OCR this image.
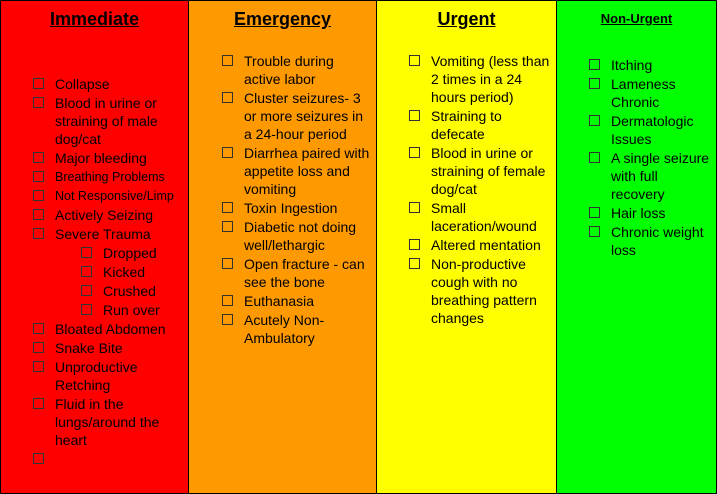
Immediate
Collapse
Blood in urine or straining of male dog/cat
Major bleeding
Breathing Problems
Not Responsive/Limp
Actively Seizing
Severe Trauma
Dropped
Kicked
Crushed
Run over
Bloated Abdomen
Snake Bite
Unproductive Retching
Fluid in the lungs/around the heart

Emergency
Trouble during active labor
Cluster seizures- 3 or more seizures in a 24-hour period
Diarrhea paired with appetite loss and vomiting
Toxin Ingestion
Diabetic not doing well/lethargic
Open fracture - can see the bone
Euthanasia
Acutely Non-Ambulatory
Urgent
Vomiting (less than 2 times in a 24 hours period)
Straining to defecate
Blood in urine or straining of female dog/cat
Small laceration/wound
Altered mentation
Non-productive cough with no breathing pattern changes
Non-Urgent
Itching
Lameness Chronic
Dermatologic Issues
A single seizure with full recovery
Hair loss
Chronic weight loss
